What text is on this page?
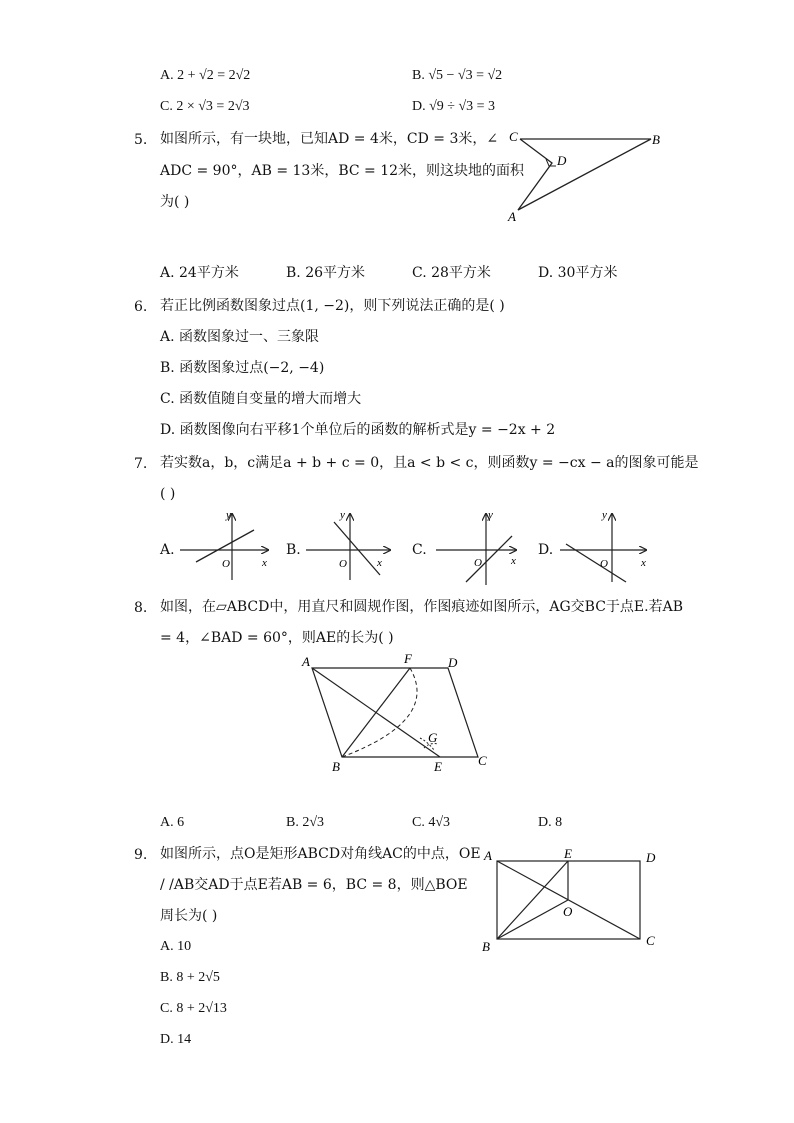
A. 2 + √2 = 2√2	B. √5 − √3 = √2
C. 2 × √3 = 2√3	D. √9 ÷ √3 = 3
5. 如图所示，有一块地，已知AD = 4米，CD = 3米，∠
ADC = 90°，AB = 13米，BC = 12米，则这块地的面积
为( )
C	B
D
A
A. 24平方米	B. 26平方米	C. 28平方米	D. 30平方米
6. 若正比例函数图象过点(1, −2)，则下列说法正确的是( )
A. 函数图象过一、三象限
B. 函数图象过点(−2, −4)
C. 函数值随自变量的增大而增大
D. 函数图像向右平移1个单位后的函数的解析式是y = −2x + 2
7. 若实数a，b，c满足a + b + c = 0，且a < b < c，则函数y = −cx − a的图象可能是
( )
A.	B.	C.	D.
y
x
O
y
x
O
y
x
O
y
x
O
8. 如图，在▱ABCD中，用直尺和圆规作图，作图痕迹如图所示，AG交BC于点E.若AB
= 4，∠BAD = 60°，则AE的长为( )
A	F	D
G
B	E	C
A. 6	B. 2√3	C. 4√3	D. 8
9. 如图所示，点O是矩形ABCD对角线AC的中点，OE
/ /AB交AD于点E若AB = 6，BC = 8，则△BOE
周长为( )
A	E	D
O
B	C
A. 10
B. 8 + 2√5
C. 8 + 2√13
D. 14
